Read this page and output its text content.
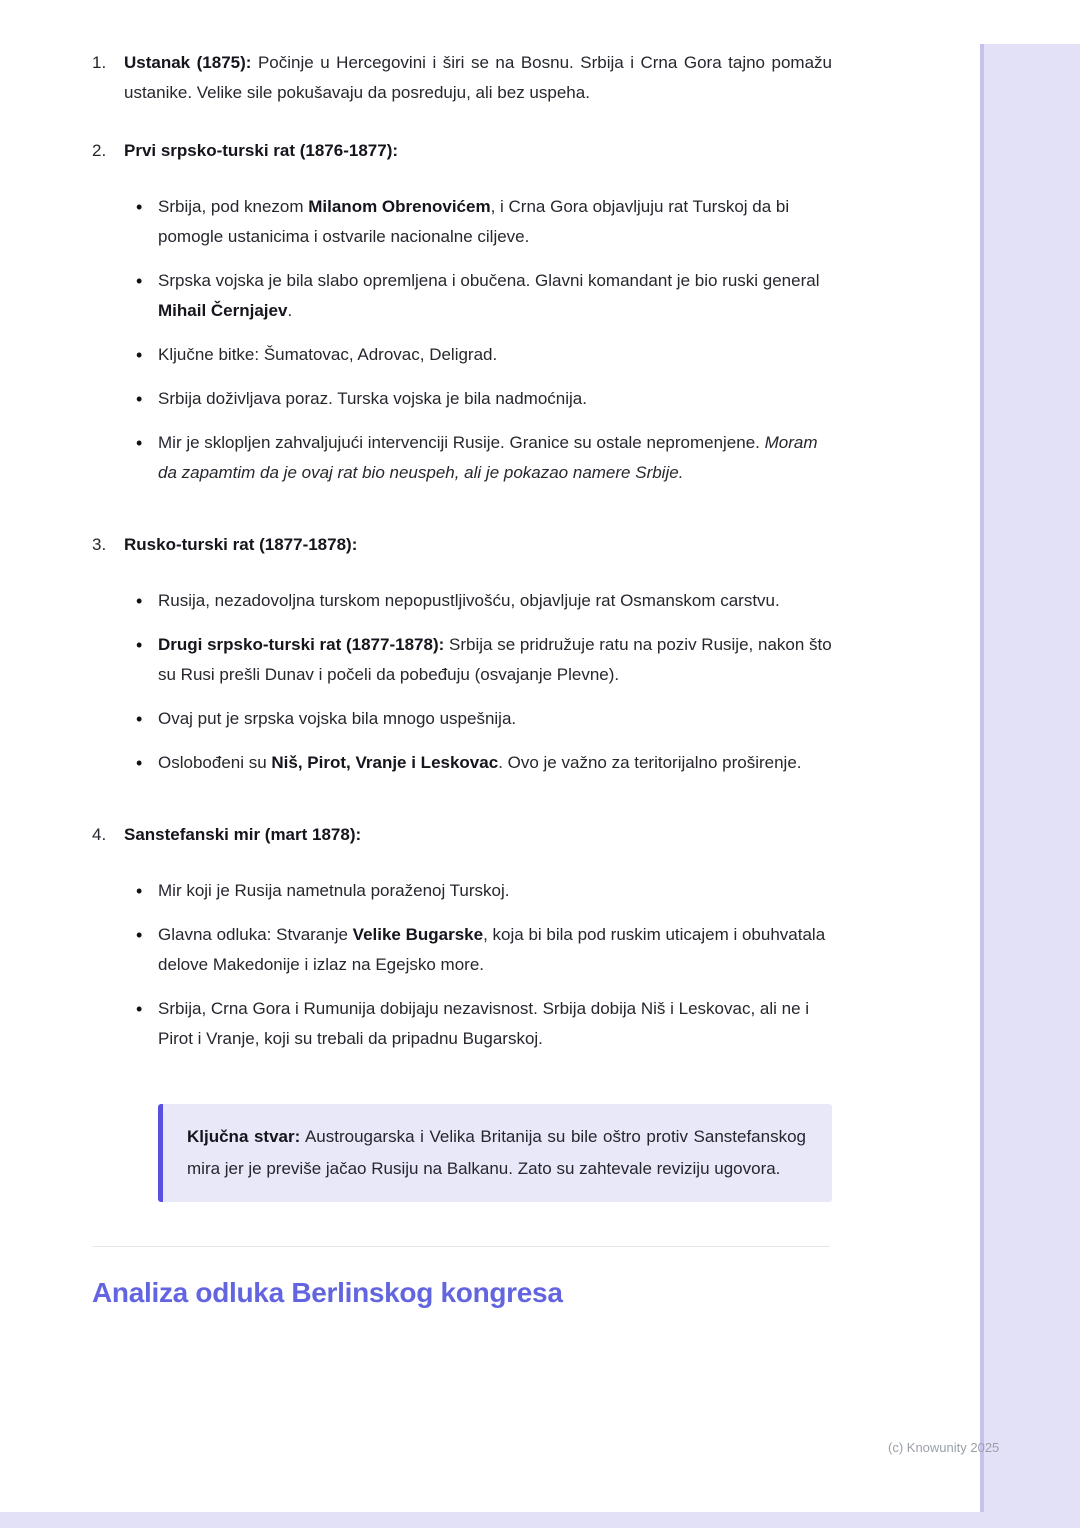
1.	Ustanak (1875): Počinje u Hercegovini i širi se na Bosnu. Srbija i Crna Gora tajno pomažu ustanike. Velike sile pokušavaju da posreduju, ali bez uspeha.

2.	Prvi srpsko-turski rat (1876-1877):

• Srbija, pod knezom Milanom Obrenovićem, i Crna Gora objavljuju rat Turskoj da bi pomogle ustanicima i ostvarile nacionalne ciljeve.

• Srpska vojska je bila slabo opremljena i obučena. Glavni komandant je bio ruski general Mihail Černjajev.

• Ključne bitke: Šumatovac, Adrovac, Deligrad.

• Srbija doživljava poraz. Turska vojska je bila nadmoćnija.

• Mir je sklopljen zahvaljujući intervenciji Rusije. Granice su ostale nepromenjene. Moram da zapamtim da je ovaj rat bio neuspeh, ali je pokazao namere Srbije.

3.	Rusko-turski rat (1877-1878):

• Rusija, nezadovoljna turskom nepopustljivošću, objavljuje rat Osmanskom carstvu.

• Drugi srpsko-turski rat (1877-1878): Srbija se pridružuje ratu na poziv Rusije, nakon što su Rusi prešli Dunav i počeli da pobeđuju (osvajanje Plevne).

• Ovaj put je srpska vojska bila mnogo uspešnija.

• Oslobođeni su Niš, Pirot, Vranje i Leskovac. Ovo je važno za teritorijalno proširenje.

4.	Sanstefanski mir (mart 1878):

• Mir koji je Rusija nametnula poraženoj Turskoj.

• Glavna odluka: Stvaranje Velike Bugarske, koja bi bila pod ruskim uticajem i obuhvatala delove Makedonije i izlaz na Egejsko more.

• Srbija, Crna Gora i Rumunija dobijaju nezavisnost. Srbija dobija Niš i Leskovac, ali ne i Pirot i Vranje, koji su trebali da pripadnu Bugarskoj.

Ključna stvar: Austrougarska i Velika Britanija su bile oštro protiv Sanstefanskog mira jer je previše jačao Rusiju na Balkanu. Zato su zahtevale reviziju ugovora.

Analiza odluka Berlinskog kongresa
(c) Knowunity 2025
